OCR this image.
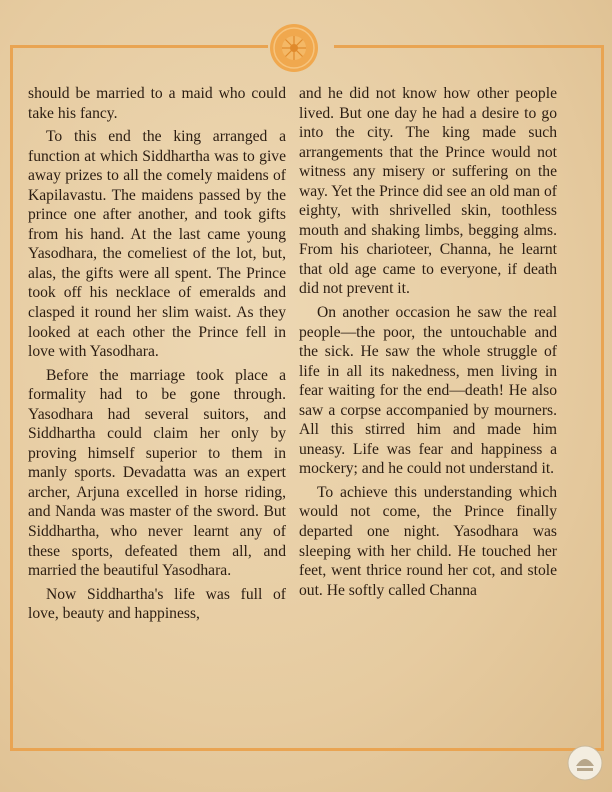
should be married to a maid who could take his fancy.

To this end the king arranged a function at which Siddhartha was to give away prizes to all the comely maidens of Kapilavastu. The maidens passed by the prince one after another, and took gifts from his hand. At the last came young Yasodhara, the comeliest of the lot, but, alas, the gifts were all spent. The Prince took off his necklace of emeralds and clasped it round her slim waist. As they looked at each other the Prince fell in love with Yasodhara.

Before the marriage took place a formality had to be gone through. Yasodhara had several suitors, and Siddhartha could claim her only by proving himself superior to them in manly sports. Devadatta was an expert archer, Arjuna excelled in horse riding, and Nanda was master of the sword. But Siddhartha, who never learnt any of these sports, defeated them all, and married the beautiful Yasodhara.

Now Siddhartha's life was full of love, beauty and happiness,

and he did not know how other people lived. But one day he had a desire to go into the city. The king made such arrangements that the Prince would not witness any misery or suffering on the way. Yet the Prince did see an old man of eighty, with shrivelled skin, toothless mouth and shaking limbs, begging alms. From his charioteer, Channa, he learnt that old age came to everyone, if death did not prevent it.

On another occasion he saw the real people—the poor, the untouchable and the sick. He saw the whole struggle of life in all its nakedness, men living in fear waiting for the end—death! He also saw a corpse accompanied by mourners. All this stirred him and made him uneasy. Life was fear and happiness a mockery; and he could not understand it.

To achieve this understanding which would not come, the Prince finally departed one night. Yasodhara was sleeping with her child. He touched her feet, went thrice round her cot, and stole out. He softly called Channa
